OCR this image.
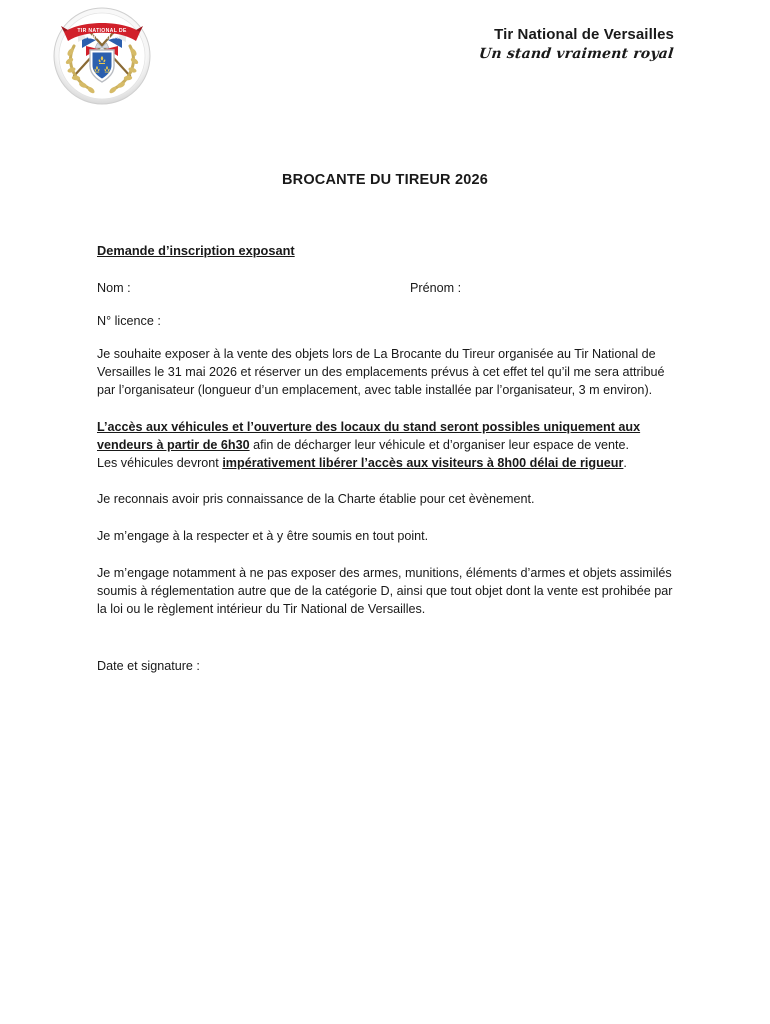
TIR NATIONAL DE
VERSAILLES	Tir National de Versailles
Un stand vraiment royal
BROCANTE DU TIREUR 2026
Demande d’inscription exposant
Nom :	Prénom :
N° licence :

Je souhaite exposer à la vente des objets lors de La Brocante du Tireur organisée au Tir National de Versailles le 31 mai 2026 et réserver un des emplacements prévus à cet effet tel qu’il me sera attribué par l’organisateur (longueur d’un emplacement, avec table installée par l’organisateur, 3 m environ).

L’accès aux véhicules et l’ouverture des locaux du stand seront possibles uniquement aux vendeurs à partir de 6h30 afin de décharger leur véhicule et d’organiser leur espace de vente.

Les véhicules devront impérativement libérer l’accès aux visiteurs à 8h00 délai de rigueur.

Je reconnais avoir pris connaissance de la Charte établie pour cet èvènement.

Je m’engage à la respecter et à y être soumis en tout point.

Je m’engage notamment à ne pas exposer des armes, munitions, éléments d’armes et objets assimilés soumis à réglementation autre que de la catégorie D, ainsi que tout objet dont la vente est prohibée par la loi ou le règlement intérieur du Tir National de Versailles.

Date et signature :
